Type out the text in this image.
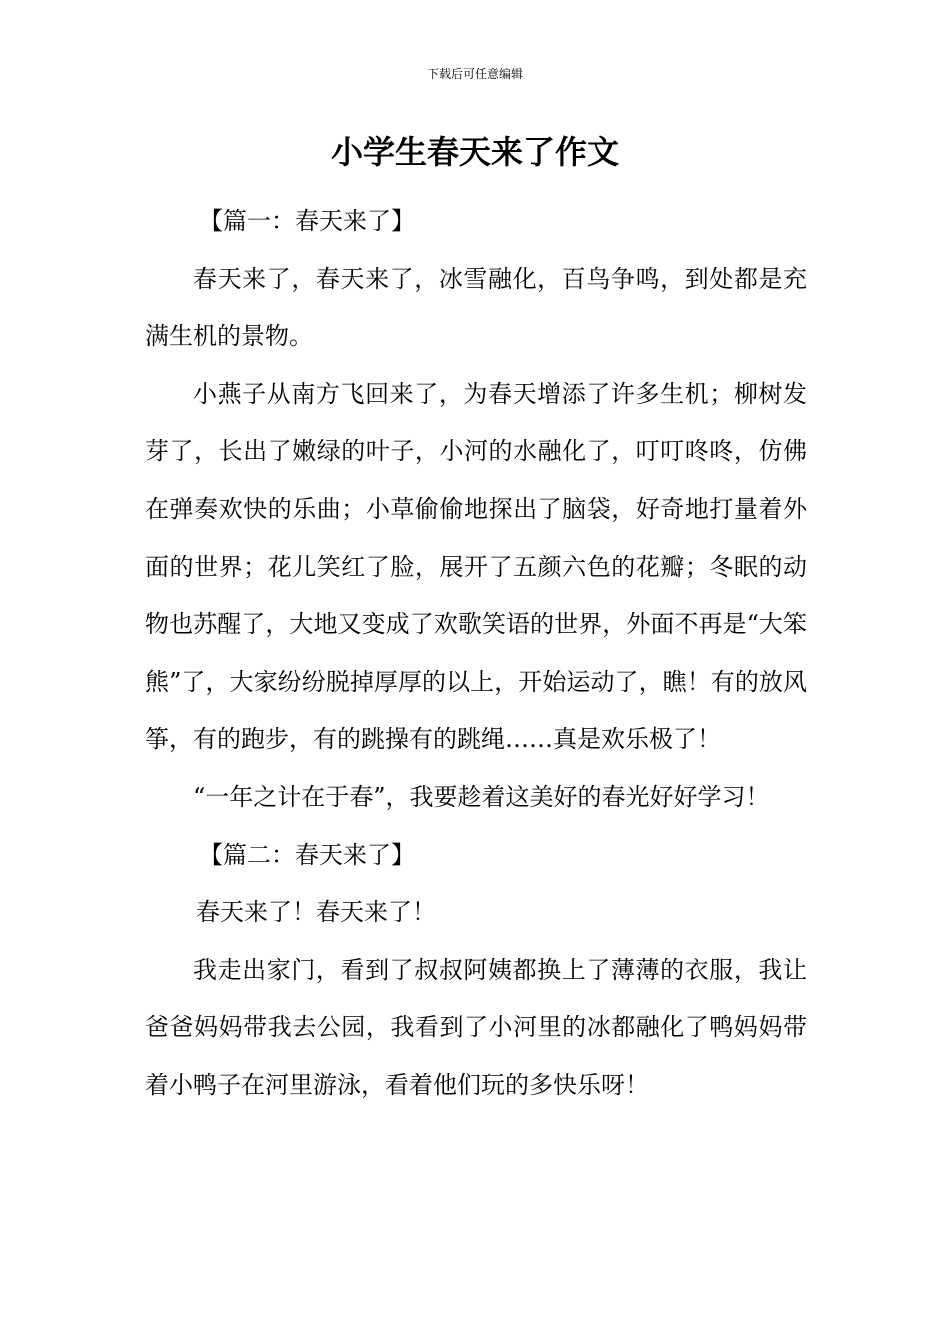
下载后可任意编辑
小学生春天来了作文

【篇一：春天来了】

春天来了，春天来了，冰雪融化，百鸟争鸣，到处都是充满生机的景物。

小燕子从南方飞回来了，为春天增添了许多生机；柳树发芽了，长出了嫩绿的叶子，小河的水融化了，叮叮咚咚，仿佛在弹奏欢快的乐曲；小草偷偷地探出了脑袋，好奇地打量着外面的世界；花儿笑红了脸，展开了五颜六色的花瓣；冬眠的动物也苏醒了，大地又变成了欢歌笑语的世界，外面不再是“大笨熊”了，大家纷纷脱掉厚厚的以上，开始运动了，瞧！有的放风筝，有的跑步，有的跳操有的跳绳……真是欢乐极了！

“一年之计在于春”，我要趁着这美好的春光好好学习！

【篇二：春天来了】

春天来了！春天来了！

我走出家门，看到了叔叔阿姨都换上了薄薄的衣服，我让爸爸妈妈带我去公园，我看到了小河里的冰都融化了鸭妈妈带着小鸭子在河里游泳，看着他们玩的多快乐呀！
